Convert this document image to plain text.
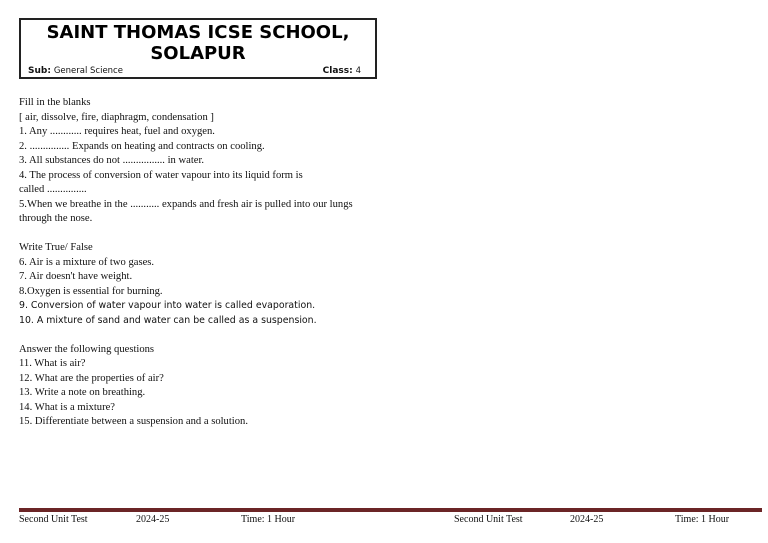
SAINT THOMAS ICSE SCHOOL, SOLAPUR
Sub: General Science	Class: 4
Fill in the blanks
[ air, dissolve, fire, diaphragm, condensation ]
1. Any ............ requires heat, fuel and oxygen.
2. ............... Expands on heating and contracts on cooling.
3. All substances do not ................ in water.
4. The process of conversion of water vapour into its liquid form is
called ...............
5.When we breathe in the ........... expands and fresh air is pulled into our lungs
through the nose.
Write True/ False
6. Air is a mixture of two gases.
7. Air doesn't have weight.
8.Oxygen is essential for burning.
9. Conversion of water vapour into water is called evaporation.
10. A mixture of sand and water can be called as a suspension.
Answer the following questions
11. What is air?
12. What are the properties of air?
13. Write a note on breathing.
14. What is a mixture?
15. Differentiate between a suspension and a solution.
Second Unit Test	2024-25	Time: 1 Hour	Second Unit Test	2024-25	Time: 1 Hour
